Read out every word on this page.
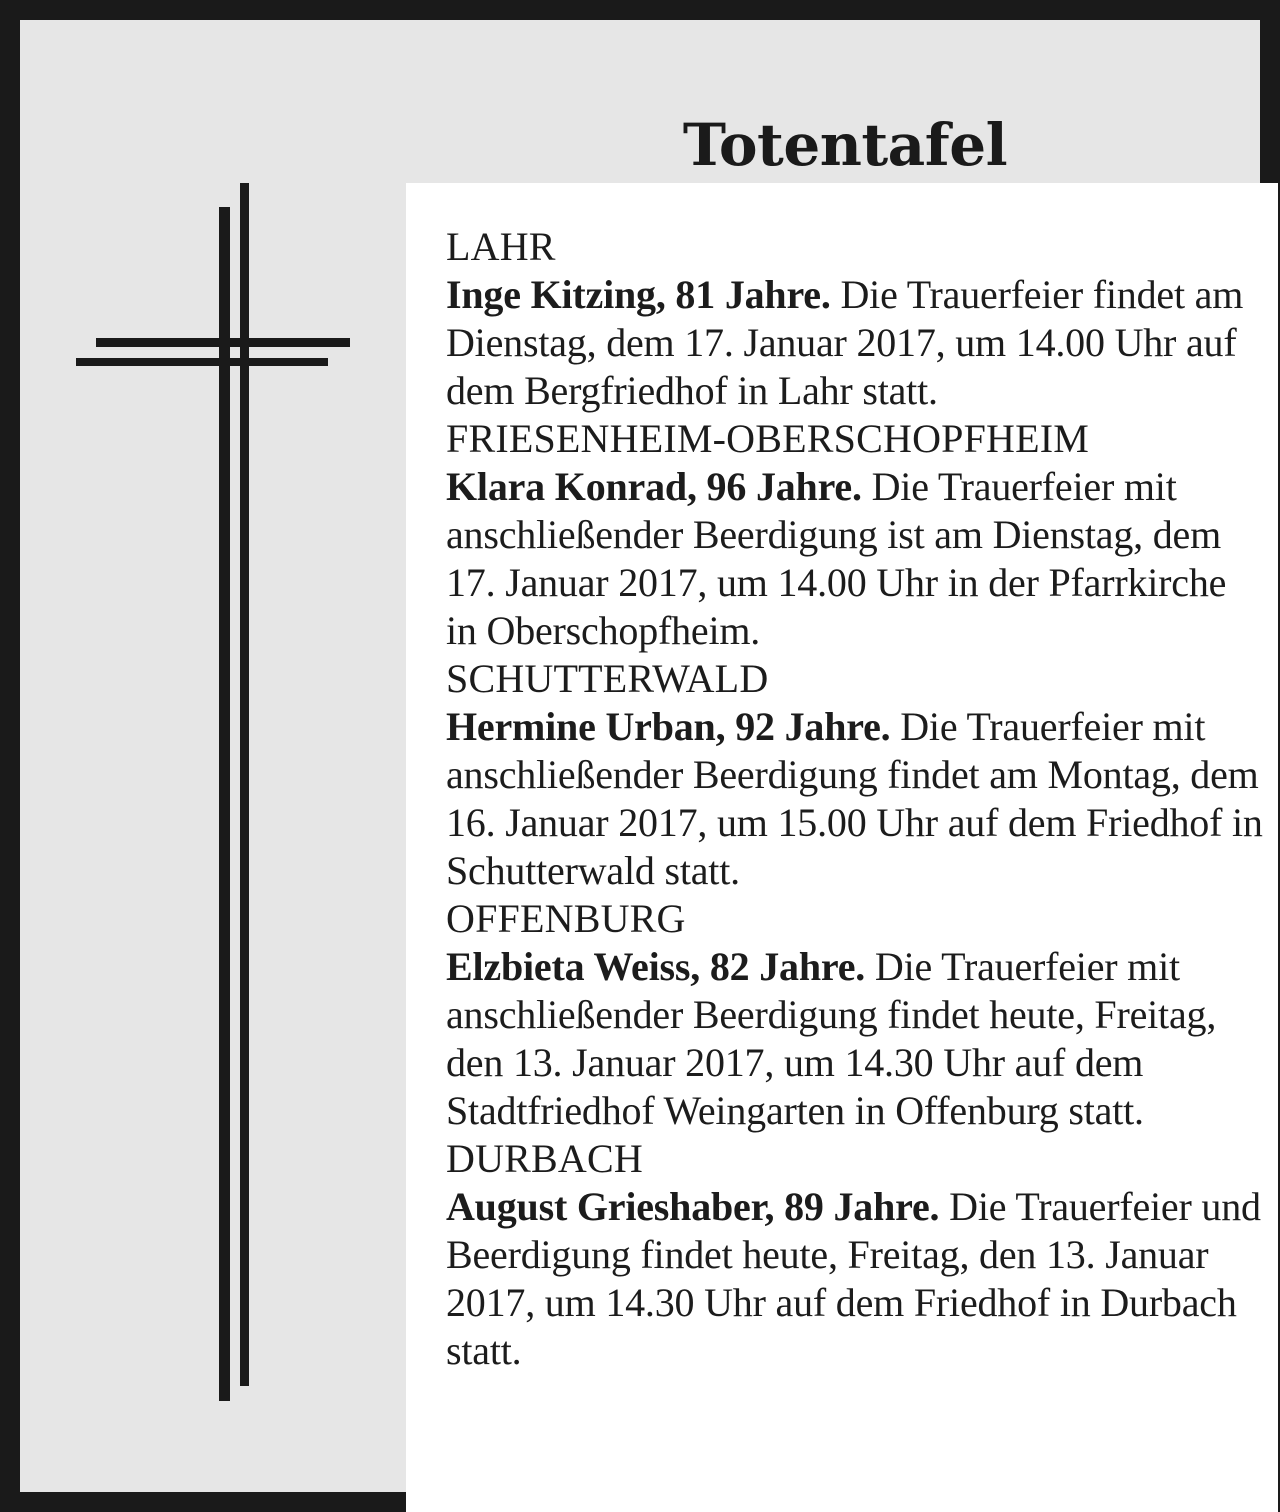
Totentafel
LAHR

Inge Kitzing, 81 Jahre. Die Trauerfeier findet am Dienstag, dem 17. Januar 2017, um 14.00 Uhr auf dem Bergfriedhof in Lahr statt.

FRIESENHEIM-OBERSCHOPFHEIM

Klara Konrad, 96 Jahre. Die Trauerfeier mit anschließender Beerdigung ist am Dienstag, dem 17. Januar 2017, um 14.00 Uhr in der Pfarrkirche in Oberschopfheim.

SCHUTTERWALD

Hermine Urban, 92 Jahre. Die Trauerfeier mit anschließender Beerdigung findet am Montag, dem 16. Januar 2017, um 15.00 Uhr auf dem Friedhof in Schutterwald statt.

OFFENBURG

Elzbieta Weiss, 82 Jahre. Die Trauerfeier mit anschließender Beerdigung findet heute, Freitag, den 13. Januar 2017, um 14.30 Uhr auf dem Stadtfriedhof Weingarten in Offenburg statt.

DURBACH

August Grieshaber, 89 Jahre. Die Trauerfeier und Beerdigung findet heute, Freitag, den 13. Januar 2017, um 14.30 Uhr auf dem Friedhof in Durbach statt.
